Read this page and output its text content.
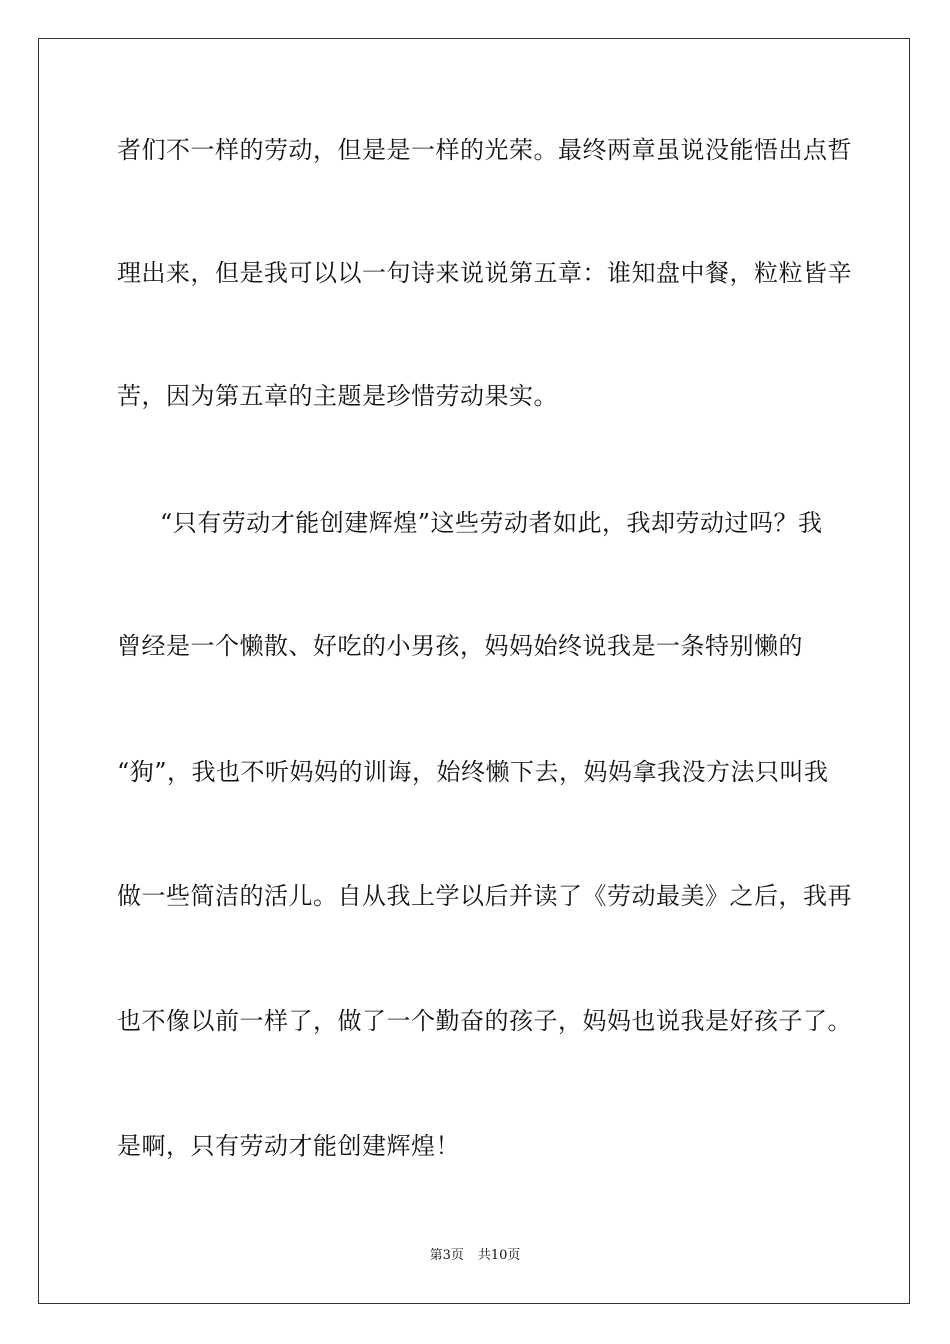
者们不一样的劳动，但是是一样的光荣。最终两章虽说没能悟出点哲
理出来，但是我可以以一句诗来说说第五章：谁知盘中餐，粒粒皆辛
苦，因为第五章的主题是珍惜劳动果实。
“只有劳动才能创建辉煌”这些劳动者如此，我却劳动过吗？我
曾经是一个懒散、好吃的小男孩，妈妈始终说我是一条特别懒的
“狗”，我也不听妈妈的训诲，始终懒下去，妈妈拿我没方法只叫我
做一些简洁的活儿。自从我上学以后并读了《劳动最美》之后，我再
也不像以前一样了，做了一个勤奋的孩子，妈妈也说我是好孩子了。
是啊，只有劳动才能创建辉煌！
第3页 共10页
